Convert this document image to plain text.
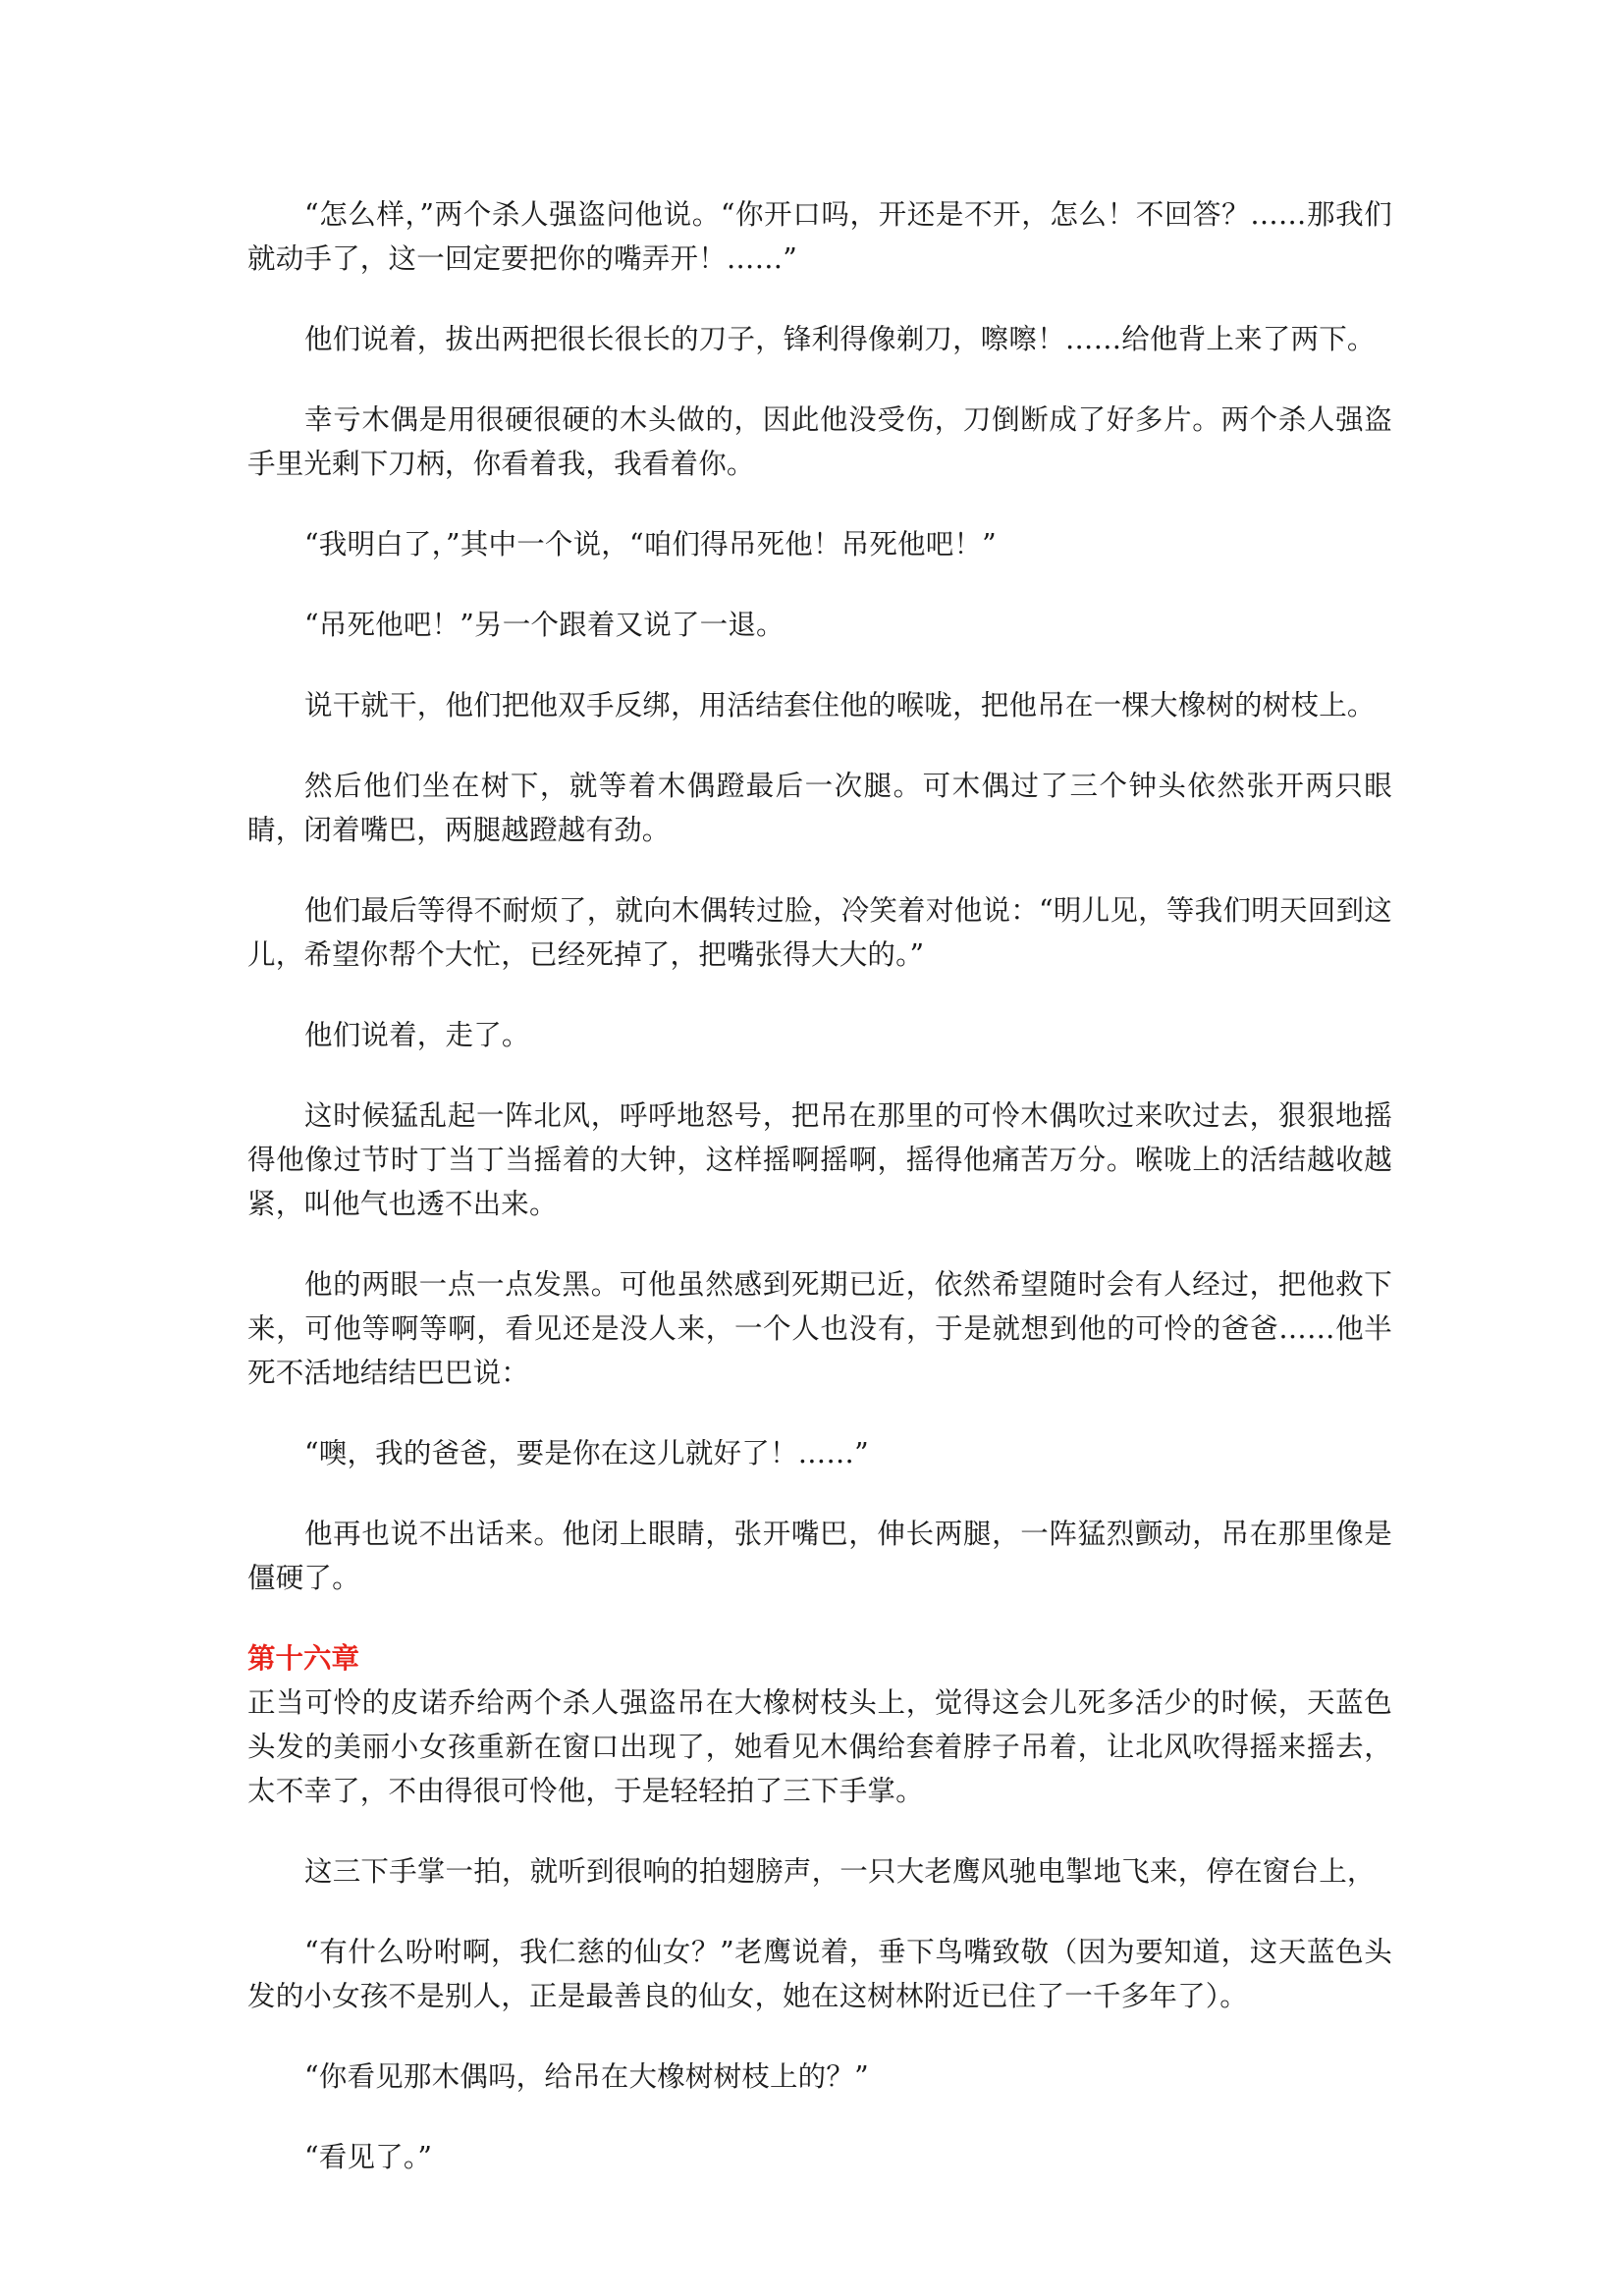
“怎么样，”两个杀人强盗问他说。“你开口吗，开还是不开，怎么！不回答？……那我们就动手了，这一回定要把你的嘴弄开！……”

他们说着，拔出两把很长很长的刀子，锋利得像剃刀，嚓嚓！……给他背上来了两下。

幸亏木偶是用很硬很硬的木头做的，因此他没受伤，刀倒断成了好多片。两个杀人强盗手里光剩下刀柄，你看着我，我看着你。

“我明白了，”其中一个说，“咱们得吊死他！吊死他吧！”

“吊死他吧！”另一个跟着又说了一退。

说干就干，他们把他双手反绑，用活结套住他的喉咙，把他吊在一棵大橡树的树枝上。

然后他们坐在树下，就等着木偶蹬最后一次腿。可木偶过了三个钟头依然张开两只眼睛，闭着嘴巴，两腿越蹬越有劲。

他们最后等得不耐烦了，就向木偶转过脸，冷笑着对他说：“明儿见，等我们明天回到这儿，希望你帮个大忙，已经死掉了，把嘴张得大大的。”

他们说着，走了。

这时候猛乱起一阵北风，呼呼地怒号，把吊在那里的可怜木偶吹过来吹过去，狠狠地摇得他像过节时丁当丁当摇着的大钟，这样摇啊摇啊，摇得他痛苦万分。喉咙上的活结越收越紧，叫他气也透不出来。

他的两眼一点一点发黑。可他虽然感到死期已近，依然希望随时会有人经过，把他救下来，可他等啊等啊，看见还是没人来，一个人也没有，于是就想到他的可怜的爸爸……他半死不活地结结巴巴说：

“噢，我的爸爸，要是你在这儿就好了！……”

他再也说不出话来。他闭上眼睛，张开嘴巴，伸长两腿，一阵猛烈颤动，吊在那里像是僵硬了。

第十六章

正当可怜的皮诺乔给两个杀人强盗吊在大橡树枝头上，觉得这会儿死多活少的时候，天蓝色头发的美丽小女孩重新在窗口出现了，她看见木偶给套着脖子吊着，让北风吹得摇来摇去，太不幸了，不由得很可怜他，于是轻轻拍了三下手掌。

这三下手掌一拍，就听到很响的拍翅膀声，一只大老鹰风驰电掣地飞来，停在窗台上，

“有什么吩咐啊，我仁慈的仙女？”老鹰说着，垂下鸟嘴致敬（因为要知道，这天蓝色头发的小女孩不是别人，正是最善良的仙女，她在这树林附近已住了一千多年了）。

“你看见那木偶吗，给吊在大橡树树枝上的？”

“看见了。”
